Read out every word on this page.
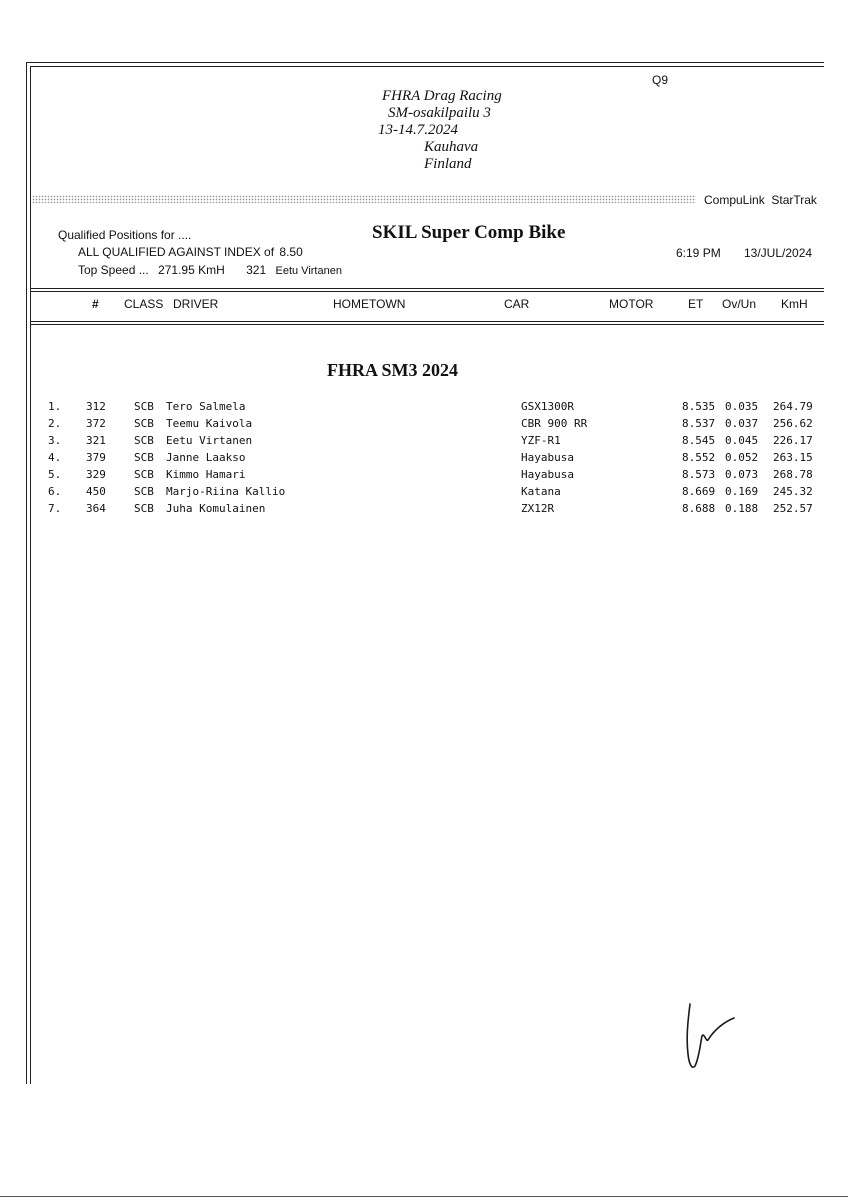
Q9
FHRA Drag Racing
SM-osakilpailu 3
13-14.7.2024
Kauhava
Finland
CompuLink  StarTrak
Qualified Positions for ....	SKIL Super Comp Bike
ALL QUALIFIED AGAINST INDEX of 8.50	6:19 PM 13/JUL/2024
Top Speed ... 271.95 KmH 321 Eetu Virtanen
# CLASS DRIVER	HOMETOWN	CAR	MOTOR	ET Ov/Un KmH
FHRA SM3 2024
1. 312	SCB Tero Salmela	GSX1300R	8.535 0.035 264.79
2. 372	SCB Teemu Kaivola	CBR 900 RR	8.537 0.037 256.62
3. 321	SCB Eetu Virtanen	YZF-R1	8.545 0.045 226.17
4. 379	SCB Janne Laakso	Hayabusa	8.552 0.052 263.15
5. 329	SCB Kimmo Hamari	Hayabusa	8.573 0.073 268.78
6. 450	SCB Marjo-Riina Kallio	Katana	8.669 0.169 245.32
7. 364	SCB Juha Komulainen	ZX12R	8.688 0.188 252.57
